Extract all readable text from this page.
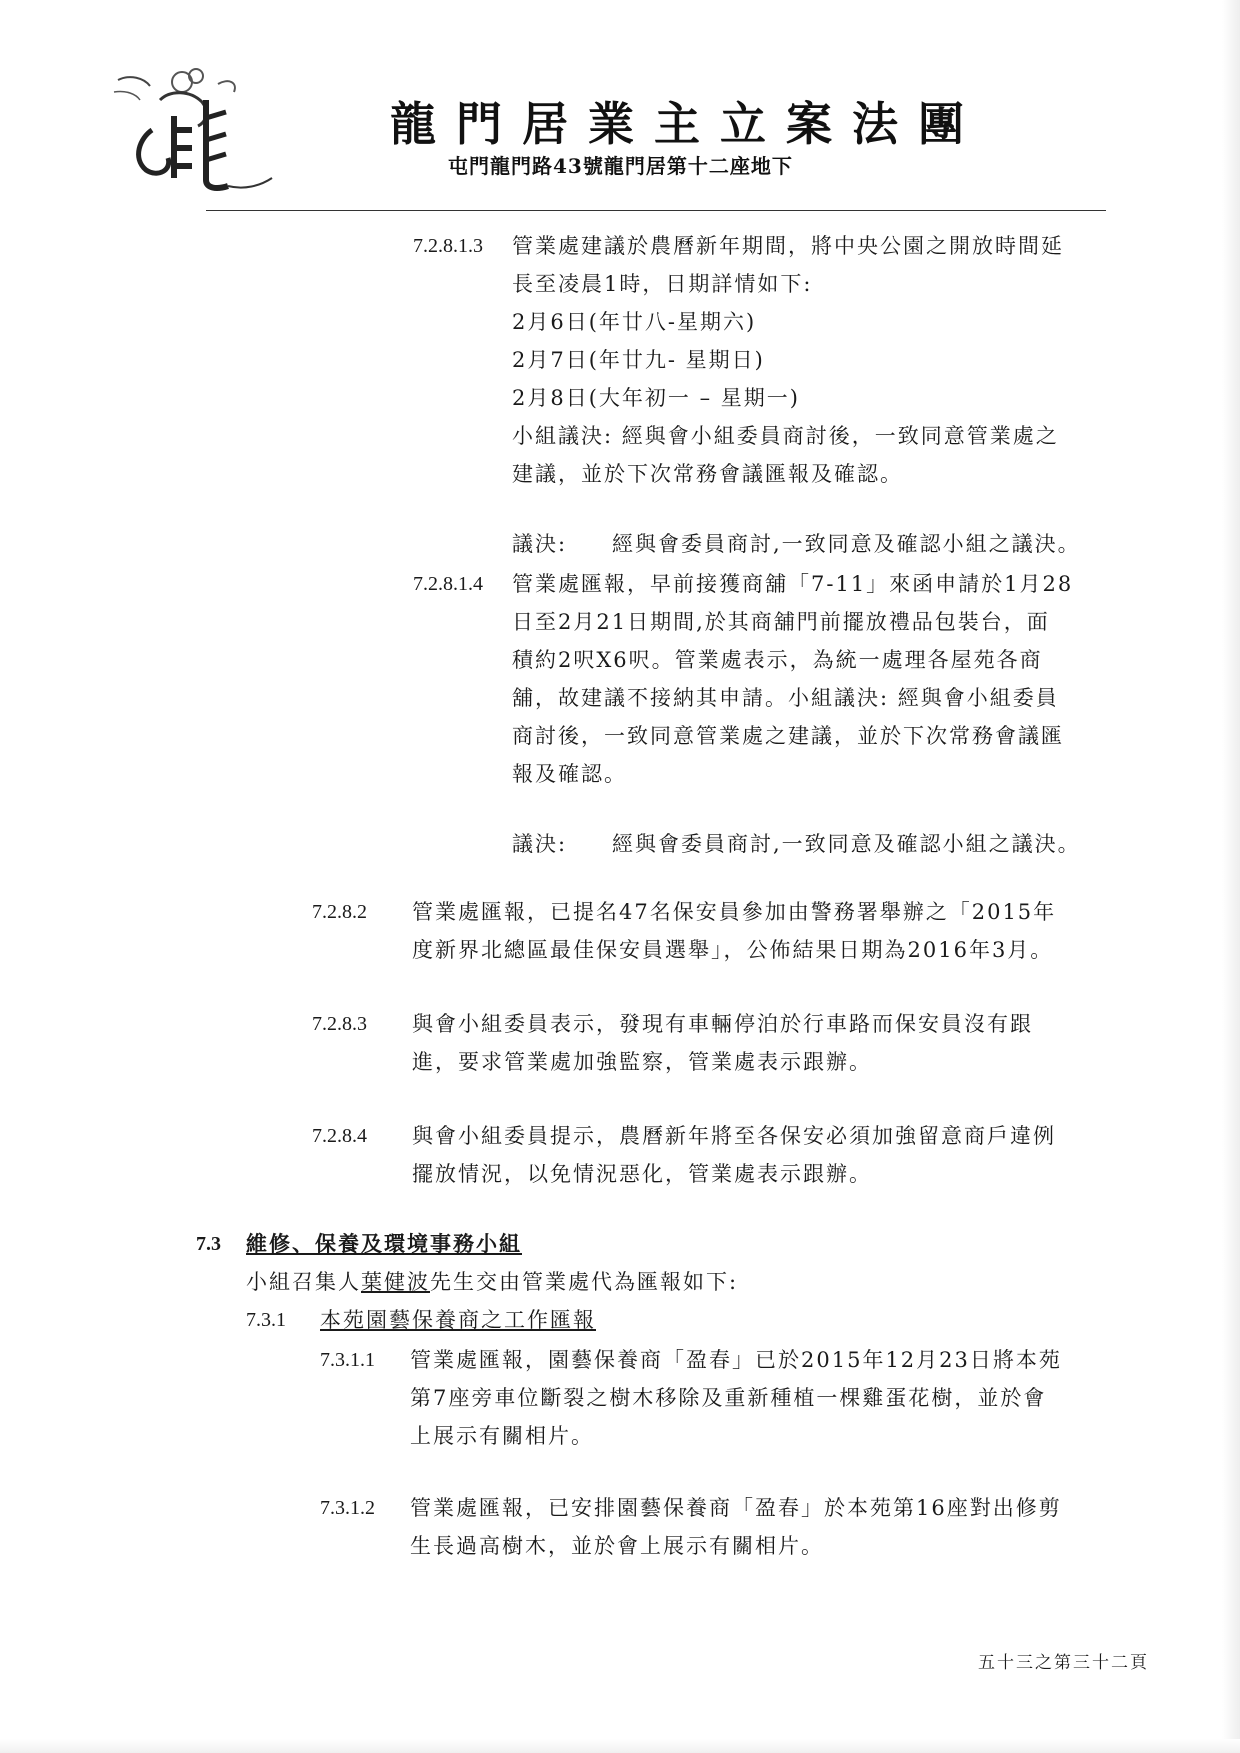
龍門居業主立案法團
屯門龍門路43號龍門居第十二座地下
7.2.8.1.3 管業處建議於農曆新年期間，將中央公園之開放時間延
長至凌晨1時，日期詳情如下:
2月6日(年廿八-星期六)
2月7日(年廿九- 星期日)
2月8日(大年初一 – 星期一)
小組議決: 經與會小組委員商討後，一致同意管業處之
建議，並於下次常務會議匯報及確認。
議決: 經與會委員商討,一致同意及確認小組之議決。
7.2.8.1.4 管業處匯報，早前接獲商舖「7-11」來函申請於1月28
日至2月21日期間,於其商舖門前擺放禮品包裝台，面
積約2呎X6呎。管業處表示，為統一處理各屋苑各商
舖，故建議不接納其申請。小組議決: 經與會小組委員
商討後，一致同意管業處之建議，並於下次常務會議匯
報及確認。
議決: 經與會委員商討,一致同意及確認小組之議決。
7.2.8.2 管業處匯報，已提名47名保安員參加由警務署舉辦之「2015年
度新界北總區最佳保安員選舉」，公佈結果日期為2016年3月。
7.2.8.3 與會小組委員表示，發現有車輛停泊於行車路而保安員沒有跟
進，要求管業處加強監察，管業處表示跟辦。
7.2.8.4 與會小組委員提示，農曆新年將至各保安必須加強留意商戶違例
擺放情況，以免情況惡化，管業處表示跟辦。
7.3 維修、保養及環境事務小組
小組召集人葉健波先生交由管業處代為匯報如下:
7.3.1 本苑園藝保養商之工作匯報
7.3.1.1 管業處匯報，園藝保養商「盈春」已於2015年12月23日將本苑
第7座旁車位斷裂之樹木移除及重新種植一棵雞蛋花樹，並於會
上展示有關相片。
7.3.1.2 管業處匯報，已安排園藝保養商「盈春」於本苑第16座對出修剪
生長過高樹木，並於會上展示有關相片。
五十三之第三十二頁
